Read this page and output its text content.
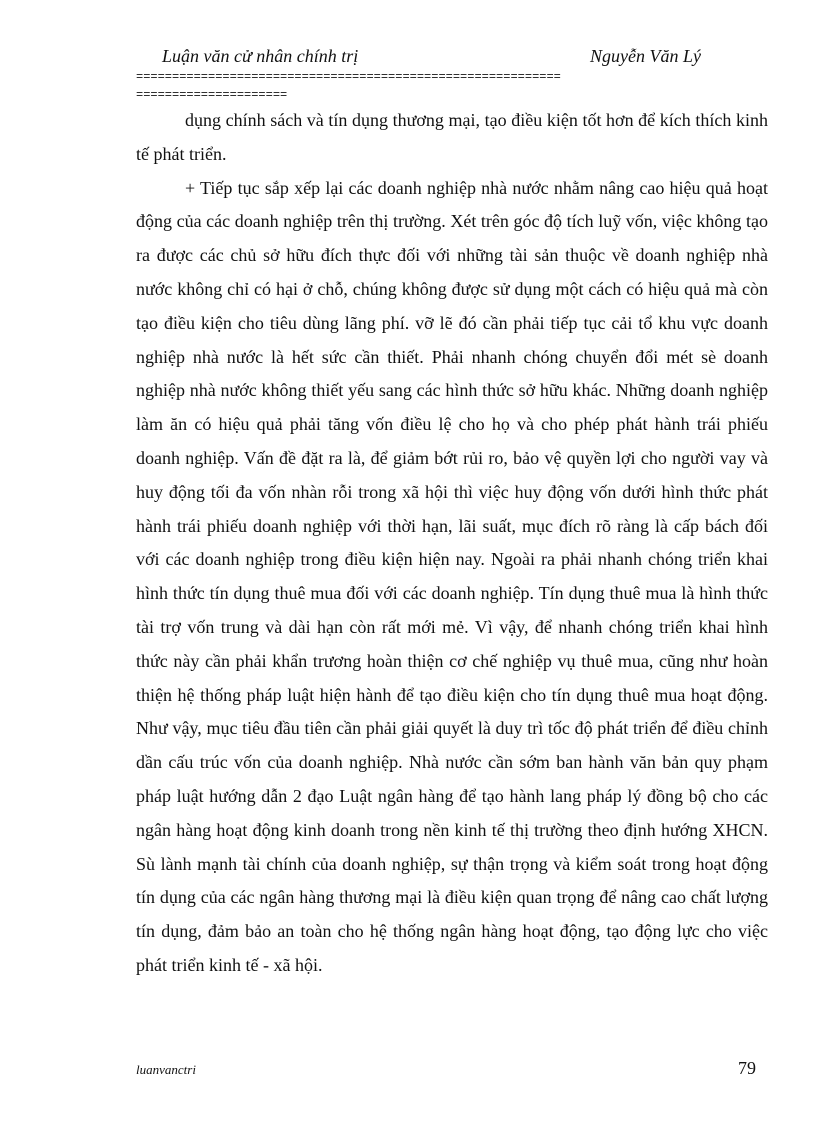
Luận văn cử nhân chính trị	Nguyễn Văn Lý
===========================================================
=====================

dụng chính sách và tín dụng thương mại, tạo điều kiện tốt hơn để kích thích kinh tế phát triển.

+ Tiếp tục sắp xếp lại các doanh nghiệp nhà nước nhằm nâng cao hiệu quả hoạt động của các doanh nghiệp trên thị trường. Xét trên góc độ tích luỹ vốn, việc không tạo ra được các chủ sở hữu đích thực đối với những tài sản thuộc về doanh nghiệp nhà nước không chỉ có hại ở chỗ, chúng không được sử dụng một cách có hiệu quả mà còn tạo điều kiện cho tiêu dùng lãng phí. vỡ lẽ đó cần phải tiếp tục cải tổ khu vực doanh nghiệp nhà nước là hết sức cần thiết. Phải nhanh chóng chuyển đổi mét sè doanh nghiệp nhà nước không thiết yếu sang các hình thức sở hữu khác. Những doanh nghiệp làm ăn có hiệu quả phải tăng vốn điều lệ cho họ và cho phép phát hành trái phiếu doanh nghiệp. Vấn đề đặt ra là, để giảm bớt rủi ro, bảo vệ quyền lợi cho người vay và huy động tối đa vốn nhàn rỗi trong xã hội thì việc huy động vốn dưới hình thức phát hành trái phiếu doanh nghiệp với thời hạn, lãi suất, mục đích rõ ràng là cấp bách đối với các doanh nghiệp trong điều kiện hiện nay. Ngoài ra phải nhanh chóng triển khai hình thức tín dụng thuê mua đối với các doanh nghiệp. Tín dụng thuê mua là hình thức tài trợ vốn trung và dài hạn còn rất mới mẻ. Vì vậy, để nhanh chóng triển khai hình thức này cần phải khẩn trương hoàn thiện cơ chế nghiệp vụ thuê mua, cũng như hoàn thiện hệ thống pháp luật hiện hành để tạo điều kiện cho tín dụng thuê mua hoạt động. Như vậy, mục tiêu đầu tiên cần phải giải quyết là duy trì tốc độ phát triển để điều chỉnh dần cấu trúc vốn của doanh nghiệp. Nhà nước cần sớm ban hành văn bản quy phạm pháp luật hướng dẫn 2 đạo Luật ngân hàng để tạo hành lang pháp lý đồng bộ cho các ngân hàng hoạt động kinh doanh trong nền kinh tế thị trường theo định hướng XHCN. Sù lành mạnh tài chính của doanh nghiệp, sự thận trọng và kiểm soát trong hoạt động tín dụng của các ngân hàng thương mại là điều kiện quan trọng để nâng cao chất lượng tín dụng, đảm bảo an toàn cho hệ thống ngân hàng hoạt động, tạo động lực cho việc phát triển kinh tế - xã hội.

luanvanctri	79
